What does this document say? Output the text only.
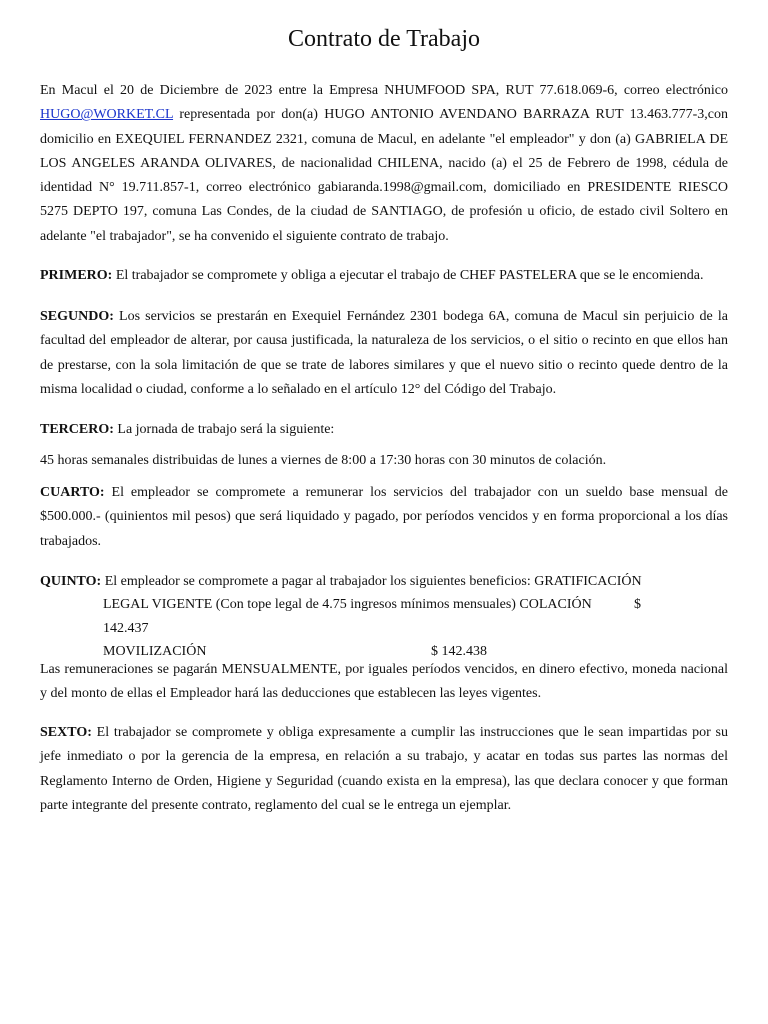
Contrato de Trabajo
En Macul el 20 de Diciembre de 2023 entre la Empresa NHUMFOOD SPA, RUT 77.618.069-6, correo electrónico HUGO@WORKET.CL representada por don(a) HUGO ANTONIO AVENDANO BARRAZA RUT 13.463.777-3,con domicilio en EXEQUIEL FERNANDEZ 2321, comuna de Macul, en adelante "el empleador" y don (a) GABRIELA DE LOS ANGELES ARANDA OLIVARES, de nacionalidad CHILENA, nacido (a) el 25 de Febrero de 1998, cédula de identidad N° 19.711.857-1, correo electrónico gabiaranda.1998@gmail.com, domiciliado en PRESIDENTE RIESCO 5275 DEPTO 197, comuna Las Condes, de la ciudad de SANTIAGO, de profesión u oficio, de estado civil Soltero en adelante "el trabajador", se ha convenido el siguiente contrato de trabajo.
PRIMERO: El trabajador se compromete y obliga a ejecutar el trabajo de CHEF PASTELERA que se le encomienda.
SEGUNDO: Los servicios se prestarán en Exequiel Fernández 2301 bodega 6A, comuna de Macul sin perjuicio de la facultad del empleador de alterar, por causa justificada, la naturaleza de los servicios, o el sitio o recinto en que ellos han de prestarse, con la sola limitación de que se trate de labores similares y que el nuevo sitio o recinto quede dentro de la misma localidad o ciudad, conforme a lo señalado en el artículo 12° del Código del Trabajo.
TERCERO: La jornada de trabajo será la siguiente:
45 horas semanales distribuidas de lunes a viernes de 8:00 a 17:30 horas con 30 minutos de colación.
CUARTO: El empleador se compromete a remunerar los servicios del trabajador con un sueldo base mensual de $500.000.- (quinientos mil pesos) que será liquidado y pagado, por períodos vencidos y en forma proporcional a los días trabajados.
QUINTO: El empleador se compromete a pagar al trabajador los siguientes beneficios: GRATIFICACIÓN
LEGAL VIGENTE (Con tope legal de 4.75 ingresos mínimos mensuales) COLACIÓN	$
142.437
MOVILIZACIÓN	$ 142.438
Las remuneraciones se pagarán MENSUALMENTE, por iguales períodos vencidos, en dinero efectivo, moneda nacional y del monto de ellas el Empleador hará las deducciones que establecen las leyes vigentes.
SEXTO: El trabajador se compromete y obliga expresamente a cumplir las instrucciones que le sean impartidas por su jefe inmediato o por la gerencia de la empresa, en relación a su trabajo, y acatar en todas sus partes las normas del Reglamento Interno de Orden, Higiene y Seguridad (cuando exista en la empresa), las que declara conocer y que forman parte integrante del presente contrato, reglamento del cual se le entrega un ejemplar.
